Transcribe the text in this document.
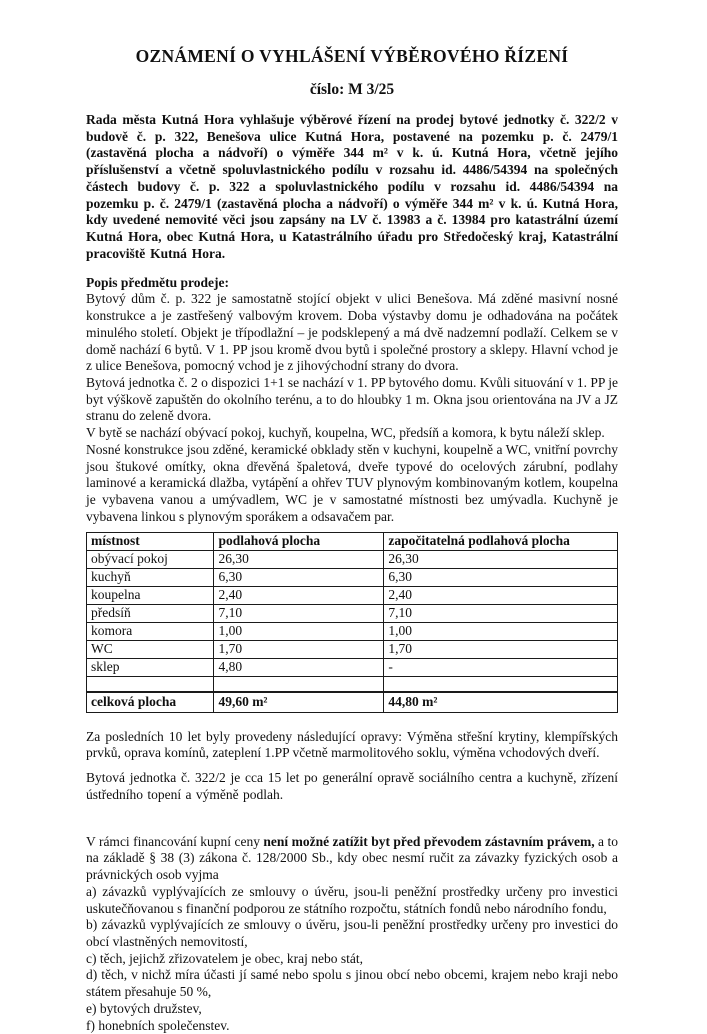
OZNÁMENÍ O VYHLÁŠENÍ VÝBĚROVÉHO ŘÍZENÍ
číslo: M 3/25

Rada města Kutná Hora vyhlašuje výběrové řízení na prodej bytové jednotky č. 322/2 v budově č. p. 322, Benešova ulice Kutná Hora, postavené na pozemku p. č. 2479/1 (zastavěná plocha a nádvoří) o výměře 344 m² v k. ú. Kutná Hora, včetně jejího příslušenství a včetně spoluvlastnického podílu v rozsahu id. 4486/54394 na společných částech budovy č. p. 322 a spoluvlastnického podílu v rozsahu id. 4486/54394 na pozemku p. č. 2479/1 (zastavěná plocha a nádvoří) o výměře 344 m² v k. ú. Kutná Hora, kdy uvedené nemovité věci jsou zapsány na LV č. 13983 a č. 13984 pro katastrální území Kutná Hora, obec Kutná Hora, u Katastrálního úřadu pro Středočeský kraj, Katastrální pracoviště Kutná Hora.

Popis předmětu prodeje:

Bytový dům č. p. 322 je samostatně stojící objekt v ulici Benešova. Má zděné masivní nosné konstrukce a je zastřešený valbovým krovem. Doba výstavby domu je odhadována na počátek minulého století. Objekt je třípodlažní – je podsklepený a má dvě nadzemní podlaží. Celkem se v domě nachází 6 bytů. V 1. PP jsou kromě dvou bytů i společné prostory a sklepy. Hlavní vchod je z ulice Benešova, pomocný vchod je z jihovýchodní strany do dvora.

Bytová jednotka č. 2 o dispozici 1+1 se nachází v 1. PP bytového domu. Kvůli situování v 1. PP je byt výškově zapuštěn do okolního terénu, a to do hloubky 1 m. Okna jsou orientována na JV a JZ stranu do zeleně dvora.

V bytě se nachází obývací pokoj, kuchyň, koupelna, WC, předsíň a komora, k bytu náleží sklep.

Nosné konstrukce jsou zděné, keramické obklady stěn v kuchyni, koupelně a WC, vnitřní povrchy jsou štukové omítky, okna dřevěná špaletová, dveře typové do ocelových zárubní, podlahy laminové a keramická dlažba, vytápění a ohřev TUV plynovým kombinovaným kotlem, koupelna je vybavena vanou a umývadlem, WC je v samostatné místnosti bez umývadla. Kuchyně je vybavena linkou s plynovým sporákem a odsavačem par.

místnost	podlahová plocha	započitatelná podlahová plocha
obývací pokoj	26,30	26,30
kuchyň	6,30	6,30
koupelna	2,40	2,40
předsíň	7,10	7,10
komora	1,00	1,00
WC	1,70	1,70
sklep	4,80	-

celková plocha	49,60 m²	44,80 m²

Za posledních 10 let byly provedeny následující opravy: Výměna střešní krytiny, klempířských prvků, oprava komínů, zateplení 1.PP včetně marmolitového soklu, výměna vchodových dveří.

Bytová jednotka č. 322/2 je cca 15 let po generální opravě sociálního centra a kuchyně, zřízení ústředního topení a výměně podlah.

V rámci financování kupní ceny není možné zatížit byt před převodem zástavním právem, a to na základě § 38 (3) zákona č. 128/2000 Sb., kdy obec nesmí ručit za závazky fyzických osob a právnických osob vyjma

a) závazků vyplývajících ze smlouvy o úvěru, jsou-li peněžní prostředky určeny pro investici uskutečňovanou s finanční podporou ze státního rozpočtu, státních fondů nebo národního fondu,

b) závazků vyplývajících ze smlouvy o úvěru, jsou-li peněžní prostředky určeny pro investici do obcí vlastněných nemovitostí,

c) těch, jejichž zřizovatelem je obec, kraj nebo stát,

d) těch, v nichž míra účasti jí samé nebo spolu s jinou obcí nebo obcemi, krajem nebo kraji nebo státem přesahuje 50 %,

e) bytových družstev,

f) honebních společenstev.
